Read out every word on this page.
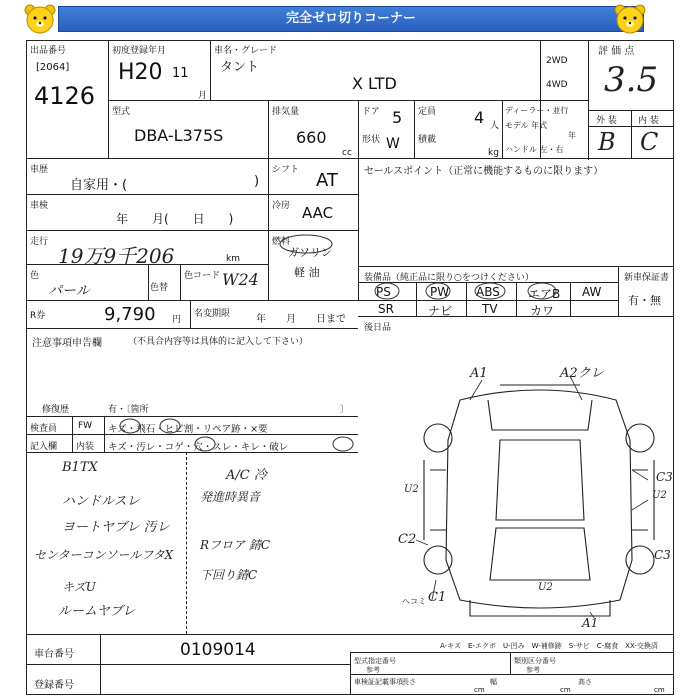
完全ゼロ切りコーナー
出品番号
[2064]
4126
初度登録年月
H20 11
月
車名・グレード
タント
X LTD
2WD
4WD
評 価 点
3.5
型式
DBA-L375S
排気量
660
cc
ドア 5
形状 W
定員 4 人
積載
kg
ディーラー・並行
モデル 年式
年
ハンドル 左・右
外 装 内 装
B C
車歴
自家用・(	)
シフト AT
車検
年　　月(　　日　　)
冷房 AAC
走行
19万9千206	km
燃料
ガソリン
軽 油
色
パール	色替
色コード W24
R券	9,790 円
名変期限	年　　月　　日まで
注意事項申告欄	（不具合内容等は具体的に記入して下さい）
修復歴	有・〔箇所	〕
検査員 FW キズ・飛石・ヒビ割・リペア跡・×要
記入欄 内装 キズ・汚レ・コゲ・穴・スレ・キレ・破レ
B1TX
ハンドルスレ
ヨートヤブレ 汚レ
センターコンソールフタX
キズU
ルームヤブレ
A/C 冷
発進時異音
Rフロア 錆C
下回り錆C
セールスポイント（正常に機能するものに限ります）
装備品（純正品に限り○をつけください）	新車保証書
有・無
PS	PW ABS エアB AW
SR	ナビ TV	カワ
後日品
A1	A2クレ
U2
C2
C1
ヘコミ
C3
U2
C3
U2
A1
A-キズ　E-エクボ　U-凹み　W-補修跡　S-サビ　C-腐食　XX-交換済
車台番号	0109014
登録番号
型式指定番号
参考
類別区分番号
参考
車検証記載事項 長さ
cm
幅
cm
高さ
cm
